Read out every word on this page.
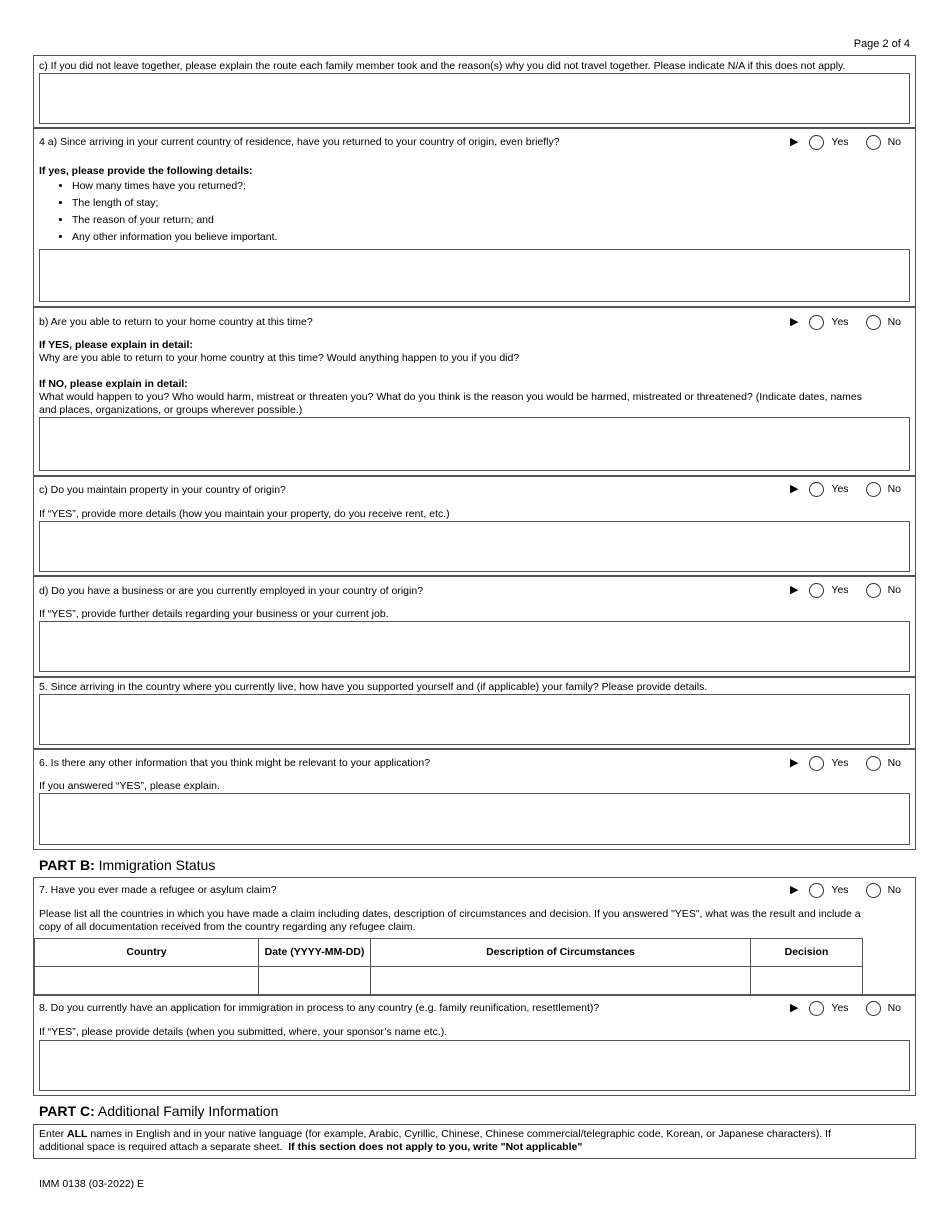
Page 2 of 4
c) If you did not leave together, please explain the route each family member took and the reason(s) why you did not travel together. Please indicate N/A if this does not apply.
4 a) Since arriving in your current country of residence, have you returned to your country of origin, even briefly?	▶	Yes	No
If yes, please provide the following details:
• How many times have you returned?;
• The length of stay;
• The reason of your return; and
• Any other information you believe important.
b) Are you able to return to your home country at this time?	▶	Yes	No
If YES, please explain in detail:
Why are you able to return to your home country at this time? Would anything happen to you if you did?
If NO, please explain in detail:
What would happen to you? Who would harm, mistreat or threaten you? What do you think is the reason you would be harmed, mistreated or threatened? (Indicate dates, names
and places, organizations, or groups wherever possible.)
c) Do you maintain property in your country of origin?	▶	Yes	No
If “YES”, provide more details (how you maintain your property, do you receive rent, etc.)
d) Do you have a business or are you currently employed in your country of origin?	▶	Yes	No
If “YES”, provide further details regarding your business or your current job.
5. Since arriving in the country where you currently live, how have you supported yourself and (if applicable) your family? Please provide details.
6. Is there any other information that you think might be relevant to your application?	▶	Yes	No
If you answered “YES”, please explain.
PART B: Immigration Status
7. Have you ever made a refugee or asylum claim?	▶	Yes	No
Please list all the countries in which you have made a claim including dates, description of circumstances and decision. If you answered "YES", what was the result and include a
copy of all documentation received from the country regarding any refugee claim.
Country	Date (YYYY-MM-DD)	Description of Circumstances	Decision

8. Do you currently have an application for immigration in process to any country (e.g. family reunification, resettlement)?	▶	Yes	No
If “YES”, please provide details (when you submitted, where, your sponsor’s name etc.).
PART C: Additional Family Information
Enter ALL names in English and in your native language (for example, Arabic, Cyrillic, Chinese, Chinese commercial/telegraphic code, Korean, or Japanese characters). If
additional space is required attach a separate sheet.  If this section does not apply to you, write "Not applicable"
IMM 0138 (03-2022) E
